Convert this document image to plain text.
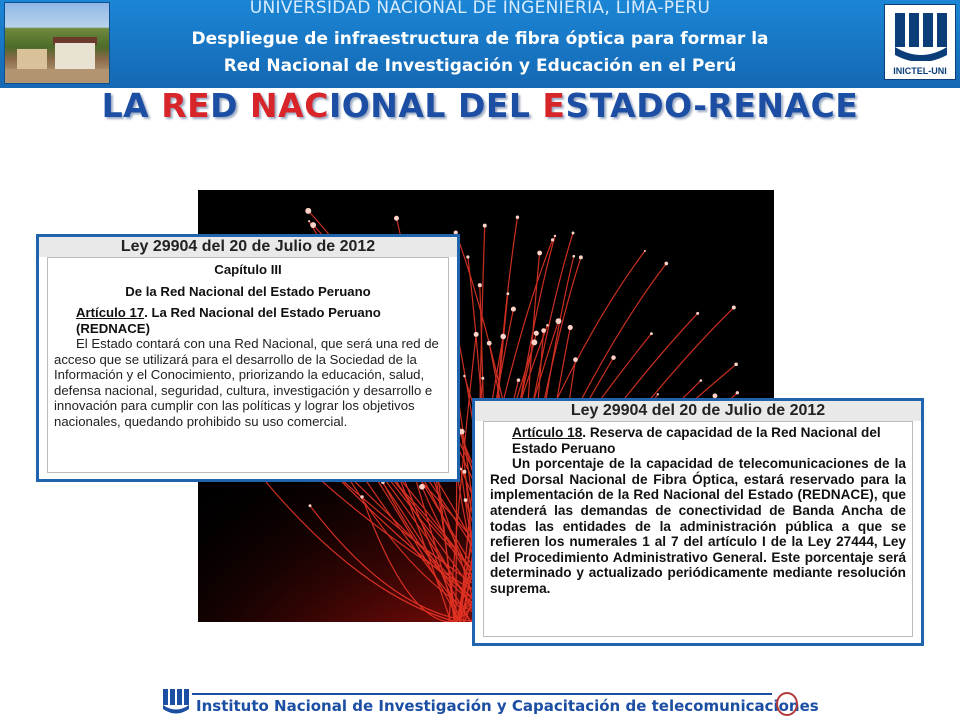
UNIVERSIDAD NACIONAL DE INGENIERIA, LIMA-PERU
Despliegue de infraestructura de fibra óptica para formar la
Red Nacional de Investigación y Educación en el Perú	INICTEL-UNI
LA RED NACIONAL DEL ESTADO-RENACE
Ley 29904 del 20 de Julio de 2012
Capítulo III
De la Red Nacional del Estado Peruano
Artículo 17. La Red Nacional del Estado Peruano (REDNACE)
El Estado contará con una Red Nacional, que será una red de acceso que se utilizará para el desarrollo de la Sociedad de la Información y el Conocimiento, priorizando la educación, salud, defensa nacional, seguridad, cultura, investigación y desarrollo e innovación para cumplir con las políticas y lograr los objetivos nacionales, quedando prohibido su uso comercial.
Ley 29904 del 20 de Julio de 2012
Artículo 18. Reserva de capacidad de la Red Nacional del Estado Peruano
Un porcentaje de la capacidad de telecomunicaciones de la Red Dorsal Nacional de Fibra Óptica, estará reservado para la implementación de la Red Nacional del Estado (REDNACE), que atenderá las demandas de conectividad de Banda Ancha de todas las entidades de la administración pública a que se refieren los numerales 1 al 7 del artículo I de la Ley 27444, Ley del Procedimiento Administrativo General. Este porcentaje será determinado y actualizado periódicamente mediante resolución suprema.
Instituto Nacional de Investigación y Capacitación de telecomunicaciones
